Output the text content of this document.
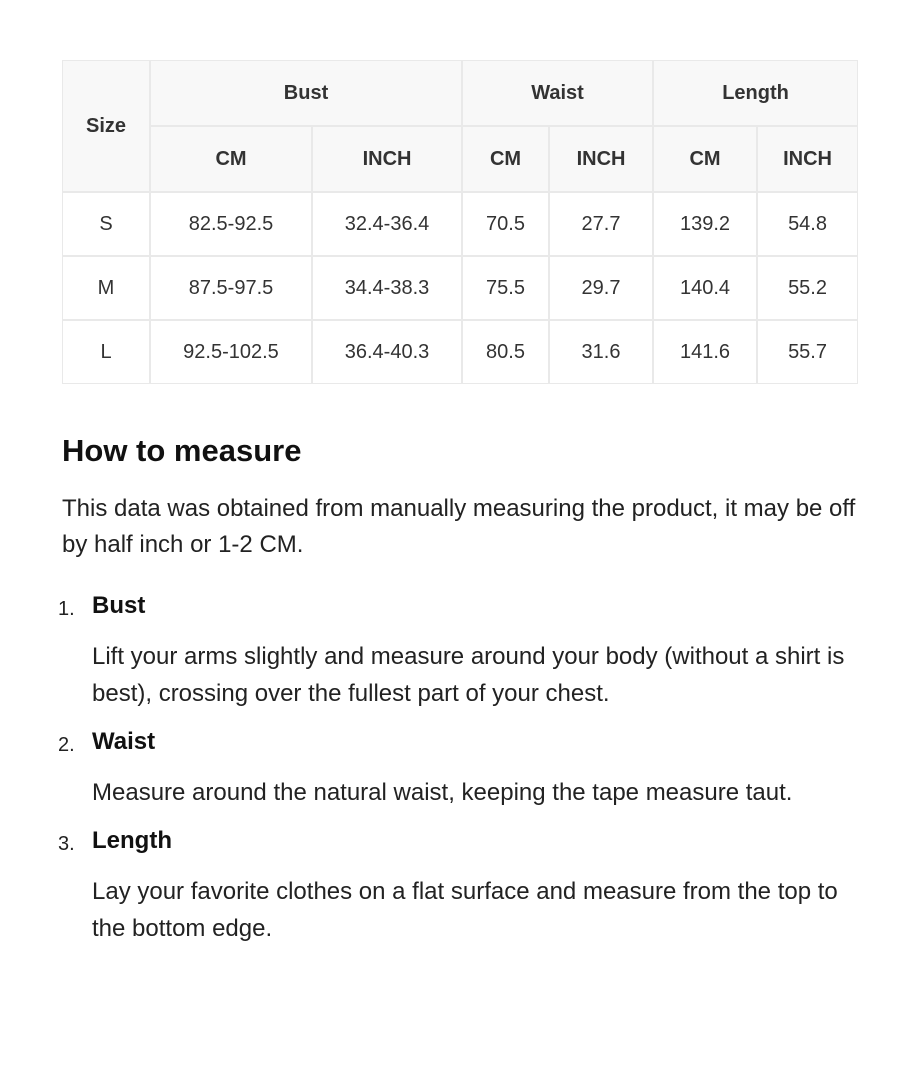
Size	Bust		Waist		Length	
	CM	INCH	CM	INCH	CM	INCH
S	82.5-92.5	32.4-36.4	70.5	27.7	139.2	54.8
M	87.5-97.5	34.4-38.3	75.5	29.7	140.4	55.2
L	92.5-102.5	36.4-40.3	80.5	31.6	141.6	55.7
How to measure

This data was obtained from manually measuring the product, it may be off by half inch or 1-2 CM.

1. Bust

Lift your arms slightly and measure around your body (without a shirt is best), crossing over the fullest part of your chest.

2. Waist

Measure around the natural waist, keeping the tape measure taut.

3. Length

Lay your favorite clothes on a flat surface and measure from the top to the bottom edge.
